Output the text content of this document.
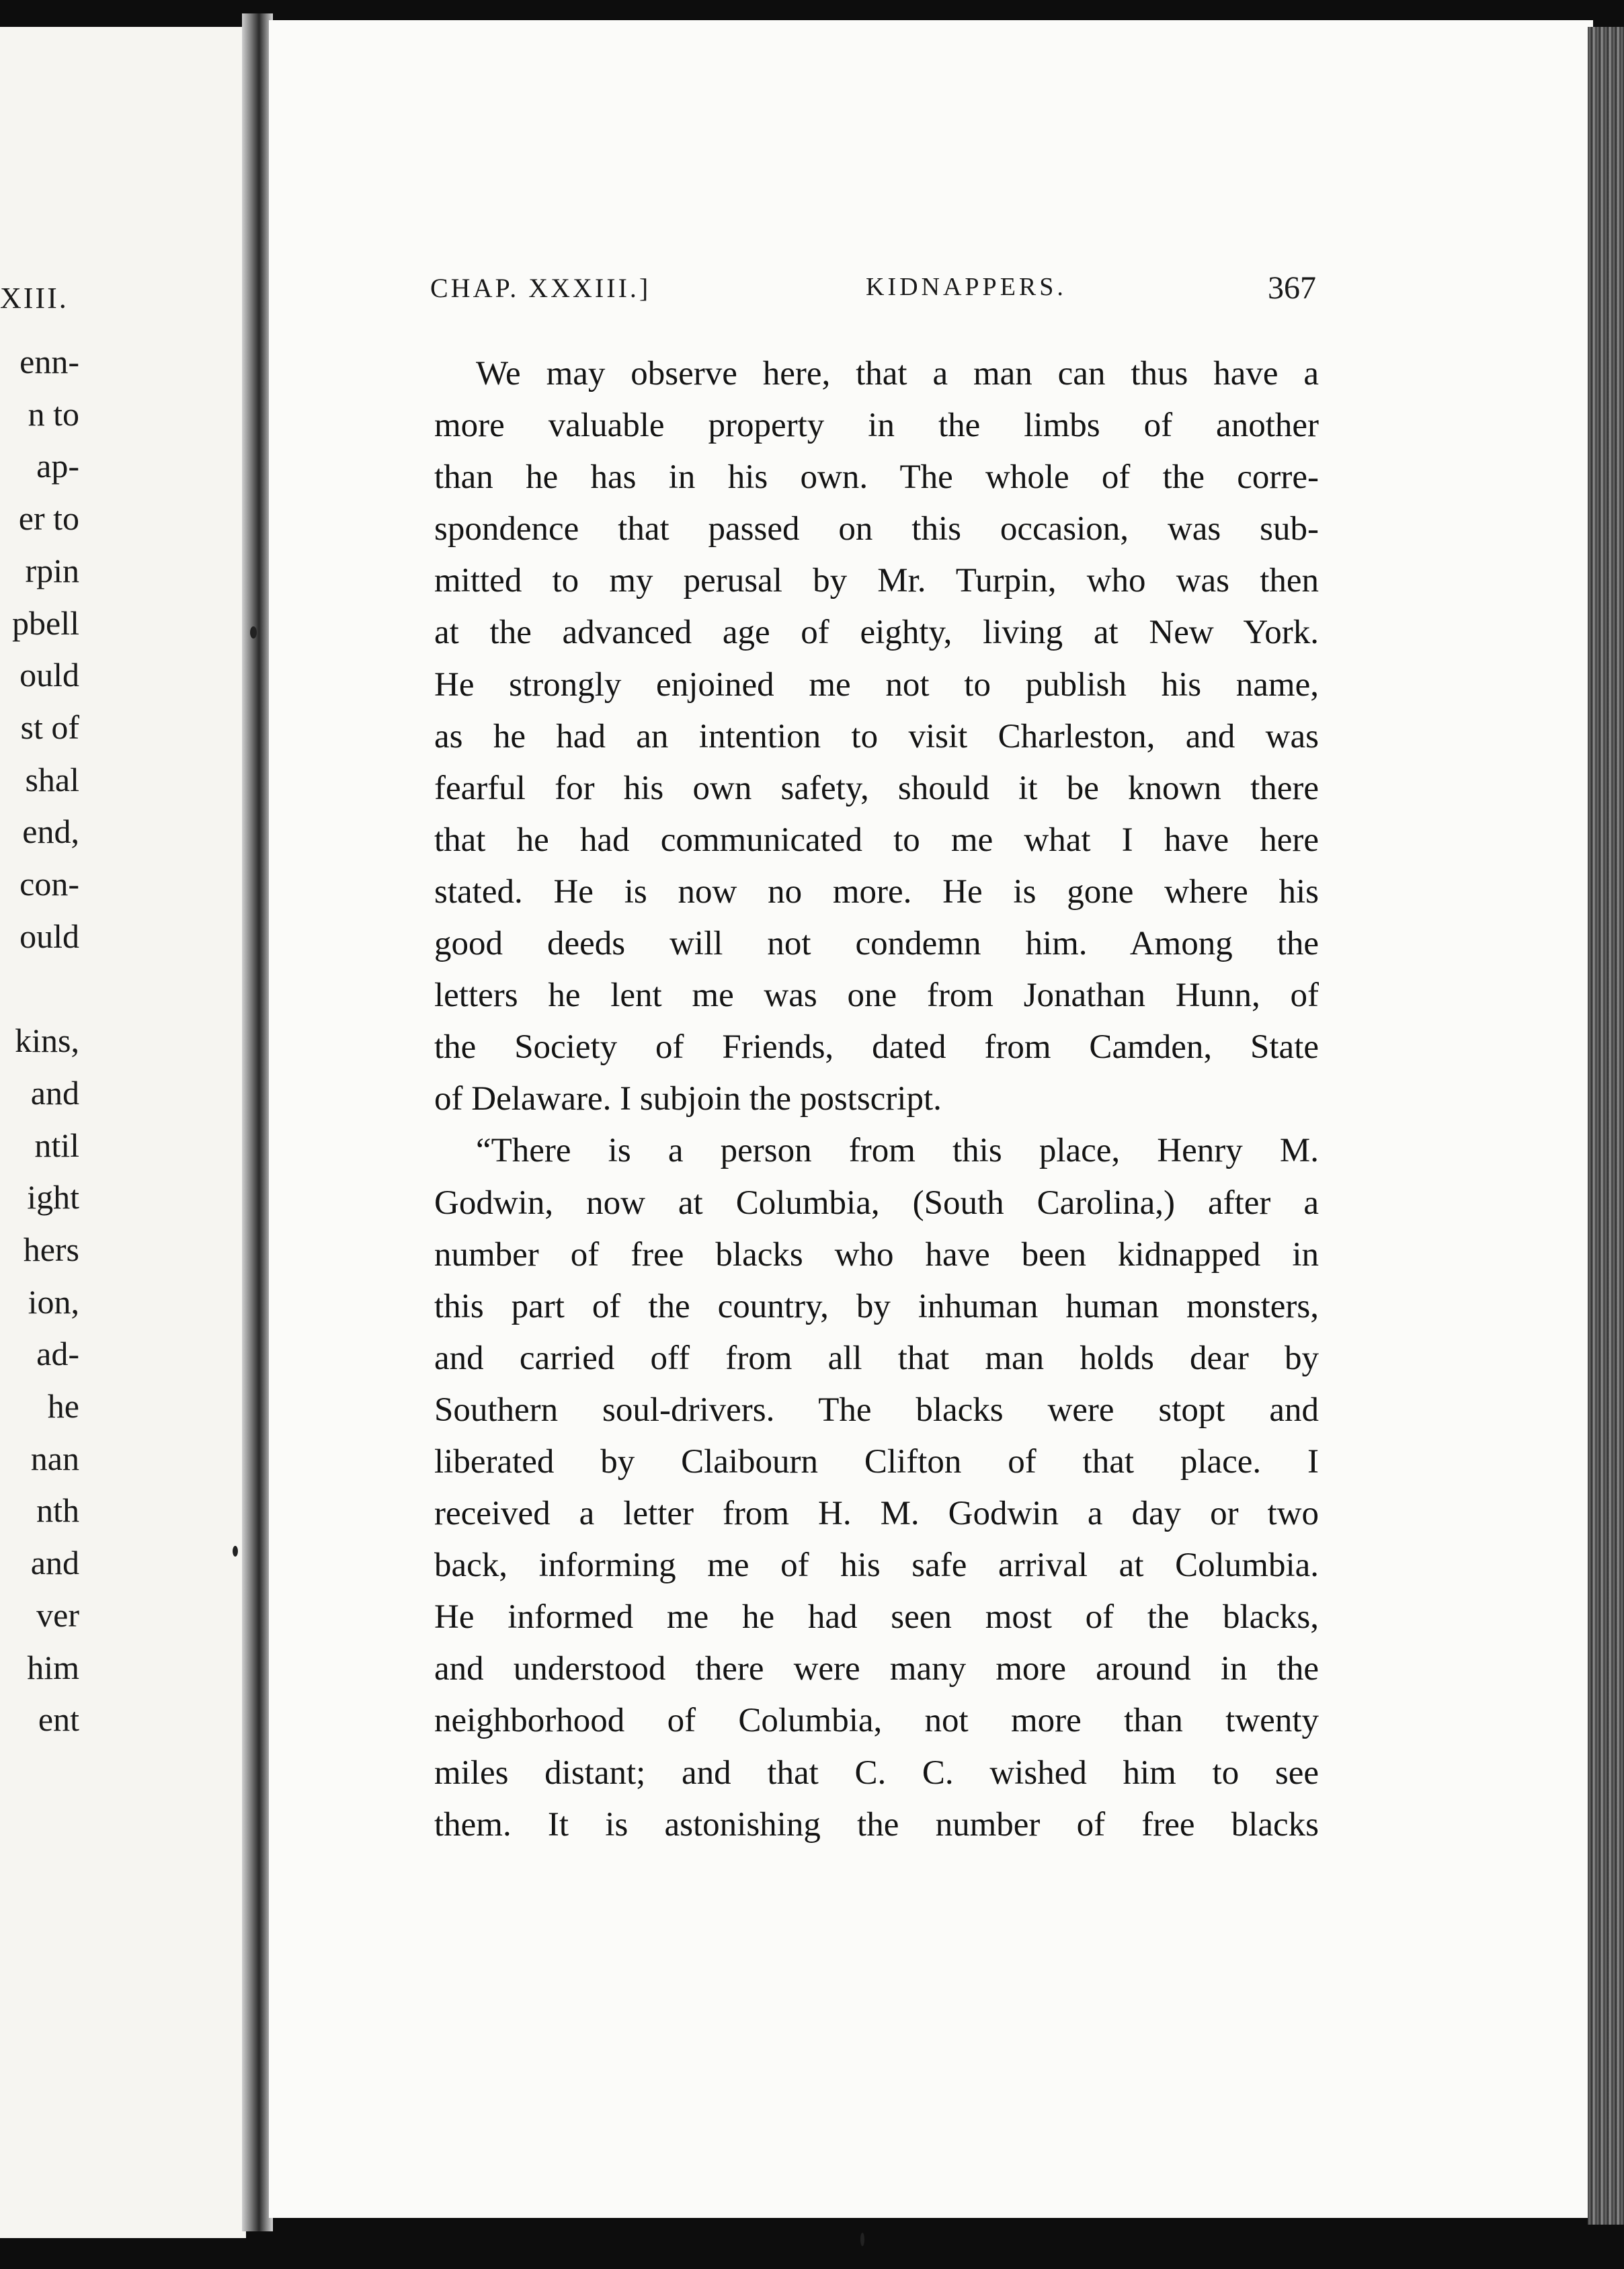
XIII.
enn-
n to
ap-
er to
rpin
pbell
ould
st of
shal
end,
con-
ould

kins,
and
ntil
ight
hers
ion,
ad-
he
nan
nth
and
ver
him
ent
CHAP. XXXIII.]	KIDNAPPERS.	367
We may observe here, that a man can thus have a
more valuable property in the limbs of another
than he has in his own. The whole of the corre-
spondence that passed on this occasion, was sub-
mitted to my perusal by Mr. Turpin, who was then
at the advanced age of eighty, living at New York.
He strongly enjoined me not to publish his name,
as he had an intention to visit Charleston, and was
fearful for his own safety, should it be known there
that he had communicated to me what I have here
stated. He is now no more. He is gone where his
good deeds will not condemn him. Among the
letters he lent me was one from Jonathan Hunn, of
the Society of Friends, dated from Camden, State
of Delaware. I subjoin the postscript.
“There is a person from this place, Henry M.
Godwin, now at Columbia, (South Carolina,) after a
number of free blacks who have been kidnapped in
this part of the country, by inhuman human monsters,
and carried off from all that man holds dear by
Southern soul-drivers. The blacks were stopt and
liberated by Claibourn Clifton of that place. I
received a letter from H. M. Godwin a day or two
back, informing me of his safe arrival at Columbia.
He informed me he had seen most of the blacks,
and understood there were many more around in the
neighborhood of Columbia, not more than twenty
miles distant; and that C. C. wished him to see
them. It is astonishing the number of free blacks
